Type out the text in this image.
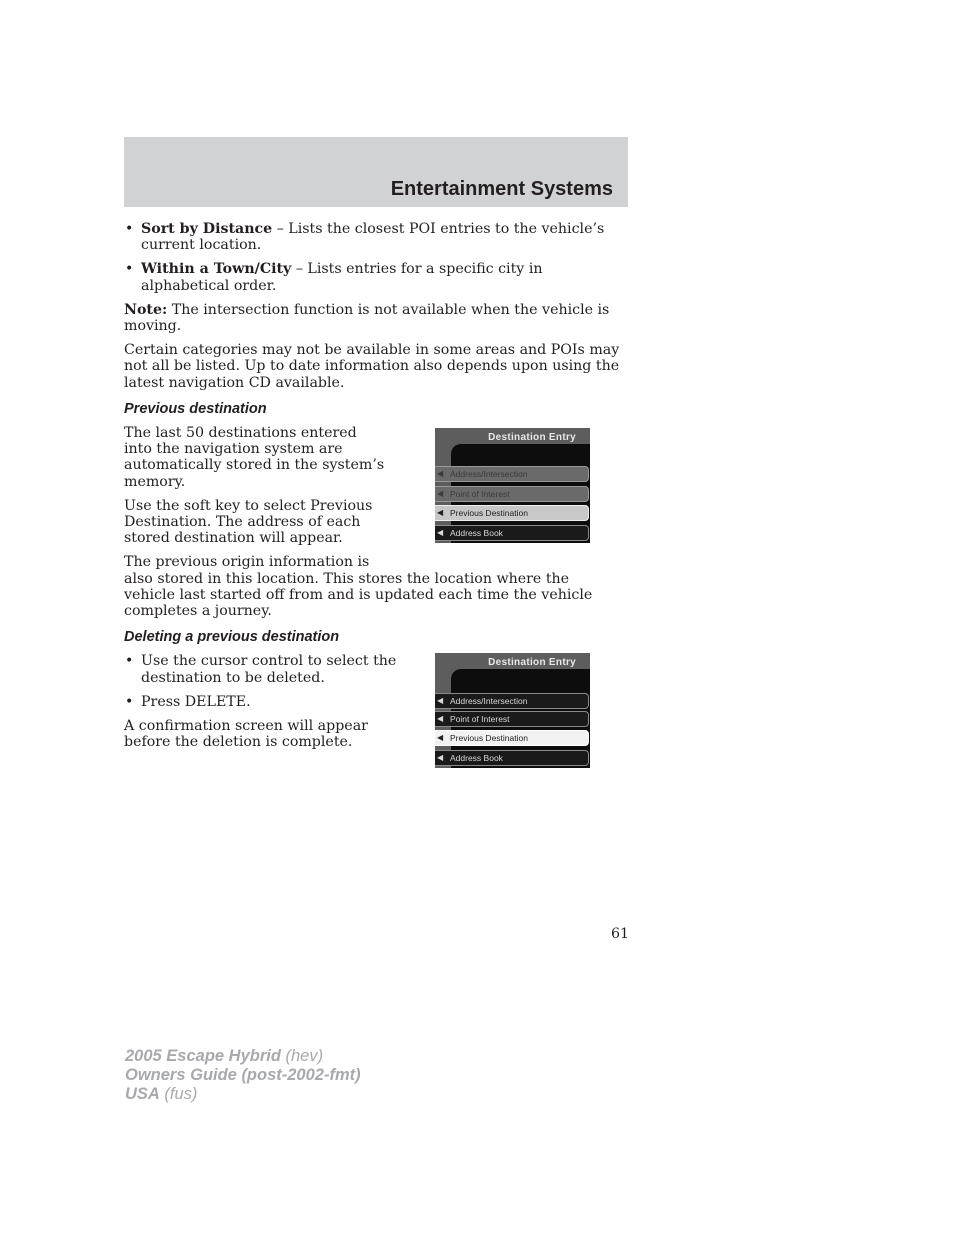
Entertainment Systems
• Sort by Distance – Lists the closest POI entries to the vehicle’s current location.
• Within a Town/City – Lists entries for a specific city in alphabetical order.

Note: The intersection function is not available when the vehicle is moving.

Certain categories may not be available in some areas and POIs may not all be listed. Up to date information also depends upon using the latest navigation CD available.

Previous destination

The last 50 destinations entered into the navigation system are automatically stored in the system’s memory.

Use the soft key to select Previous Destination. The address of each stored destination will appear.

The previous origin information is
also stored in this location. This stores the location where the vehicle last started off from and is updated each time the vehicle completes a journey.

Deleting a previous destination
• Use the cursor control to select the destination to be deleted.
• Press DELETE.

A confirmation screen will appear before the deletion is complete.

Destination Entry
◀ Address/Intersection
◀ Point of Interest
◀ Previous Destination
◀ Address Book
Destination Entry
◀ Address/Intersection
◀ Point of Interest
◀ Previous Destination
◀ Address Book
61
2005 Escape Hybrid (hev)
Owners Guide (post-2002-fmt)
USA (fus)
